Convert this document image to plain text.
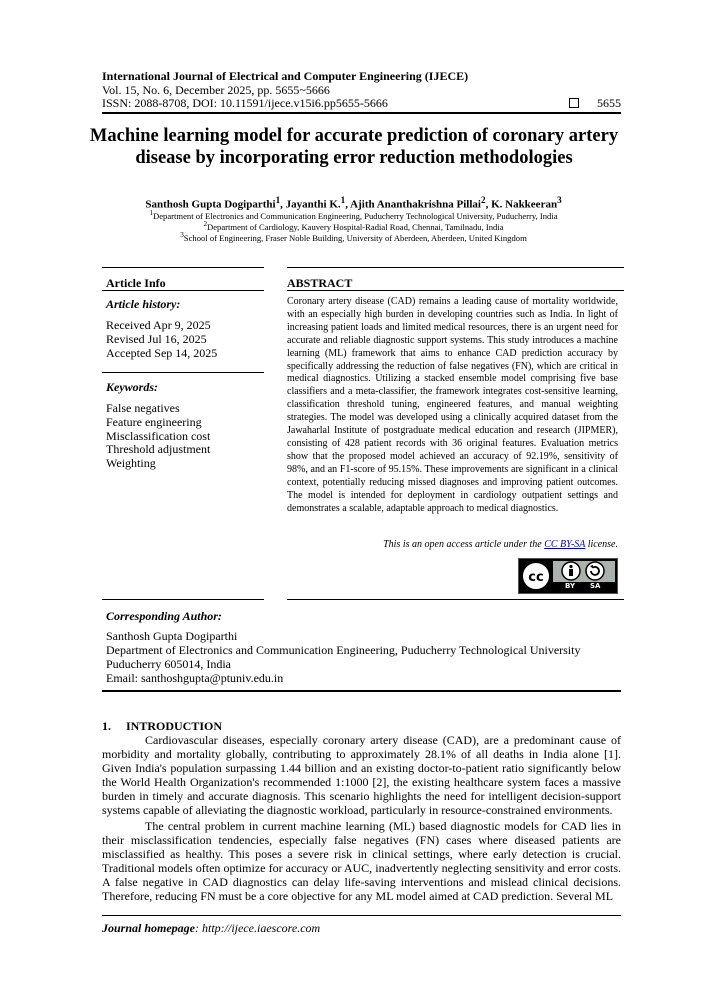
International Journal of Electrical and Computer Engineering (IJECE)
Vol. 15, No. 6, December 2025, pp. 5655~5666
ISSN: 2088-8708, DOI: 10.11591/ijece.v15i6.pp5655-5666	5655
Machine learning model for accurate prediction of coronary artery disease by incorporating error reduction methodologies
Santhosh Gupta Dogiparthi$^1$, Jayanthi K.$^1$, Ajith Ananthakrishna Pillai$^2$, K. Nakkeeran$^3$
$^1$Department of Electronics and Communication Engineering, Puducherry Technological University, Puducherry, India
$^2$Department of Cardiology, Kauvery Hospital-Radial Road, Chennai, Tamilnadu, India
$^3$School of Engineering, Fraser Noble Building, University of Aberdeen, Aberdeen, United Kingdom
Article Info	ABSTRACT
Article history:
Received Apr 9, 2025
Revised Jul 16, 2025
Accepted Sep 14, 2025
Keywords:
False negatives
Feature engineering
Misclassification cost
Threshold adjustment
Weighting
Coronary artery disease (CAD) remains a leading cause of mortality worldwide, with an especially high burden in developing countries such as India. In light of increasing patient loads and limited medical resources, there is an urgent need for accurate and reliable diagnostic support systems. This study introduces a machine learning (ML) framework that aims to enhance CAD prediction accuracy by specifically addressing the reduction of false negatives (FN), which are critical in medical diagnostics. Utilizing a stacked ensemble model comprising five base classifiers and a meta-classifier, the framework integrates cost-sensitive learning, classification threshold tuning, engineered features, and manual weighting strategies. The model was developed using a clinically acquired dataset from the Jawaharlal Institute of postgraduate medical education and research (JIPMER), consisting of 428 patient records with 36 original features. Evaluation metrics show that the proposed model achieved an accuracy of 92.19%, sensitivity of 98%, and an F1-score of 95.15%. These improvements are significant in a clinical context, potentially reducing missed diagnoses and improving patient outcomes. The model is intended for deployment in cardiology outpatient settings and demonstrates a scalable, adaptable approach to medical diagnostics.
This is an open access article under the CC BY-SA license.
cc
BY SA
Corresponding Author:
Santhosh Gupta Dogiparthi
Department of Electronics and Communication Engineering, Puducherry Technological University
Puducherry 605014, India
Email: santhoshgupta@ptuniv.edu.in
1. INTRODUCTION

Cardiovascular diseases, especially coronary artery disease (CAD), are a predominant cause of morbidity and mortality globally, contributing to approximately 28.1% of all deaths in India alone [1]. Given India's population surpassing 1.44 billion and an existing doctor-to-patient ratio significantly below the World Health Organization's recommended 1:1000 [2], the existing healthcare system faces a massive burden in timely and accurate diagnosis. This scenario highlights the need for intelligent decision-support systems capable of alleviating the diagnostic workload, particularly in resource-constrained environments.

The central problem in current machine learning (ML) based diagnostic models for CAD lies in their misclassification tendencies, especially false negatives (FN) cases where diseased patients are misclassified as healthy. This poses a severe risk in clinical settings, where early detection is crucial. Traditional models often optimize for accuracy or AUC, inadvertently neglecting sensitivity and error costs. A false negative in CAD diagnostics can delay life-saving interventions and mislead clinical decisions. Therefore, reducing FN must be a core objective for any ML model aimed at CAD prediction. Several ML

Journal homepage: http://ijece.iaescore.com
